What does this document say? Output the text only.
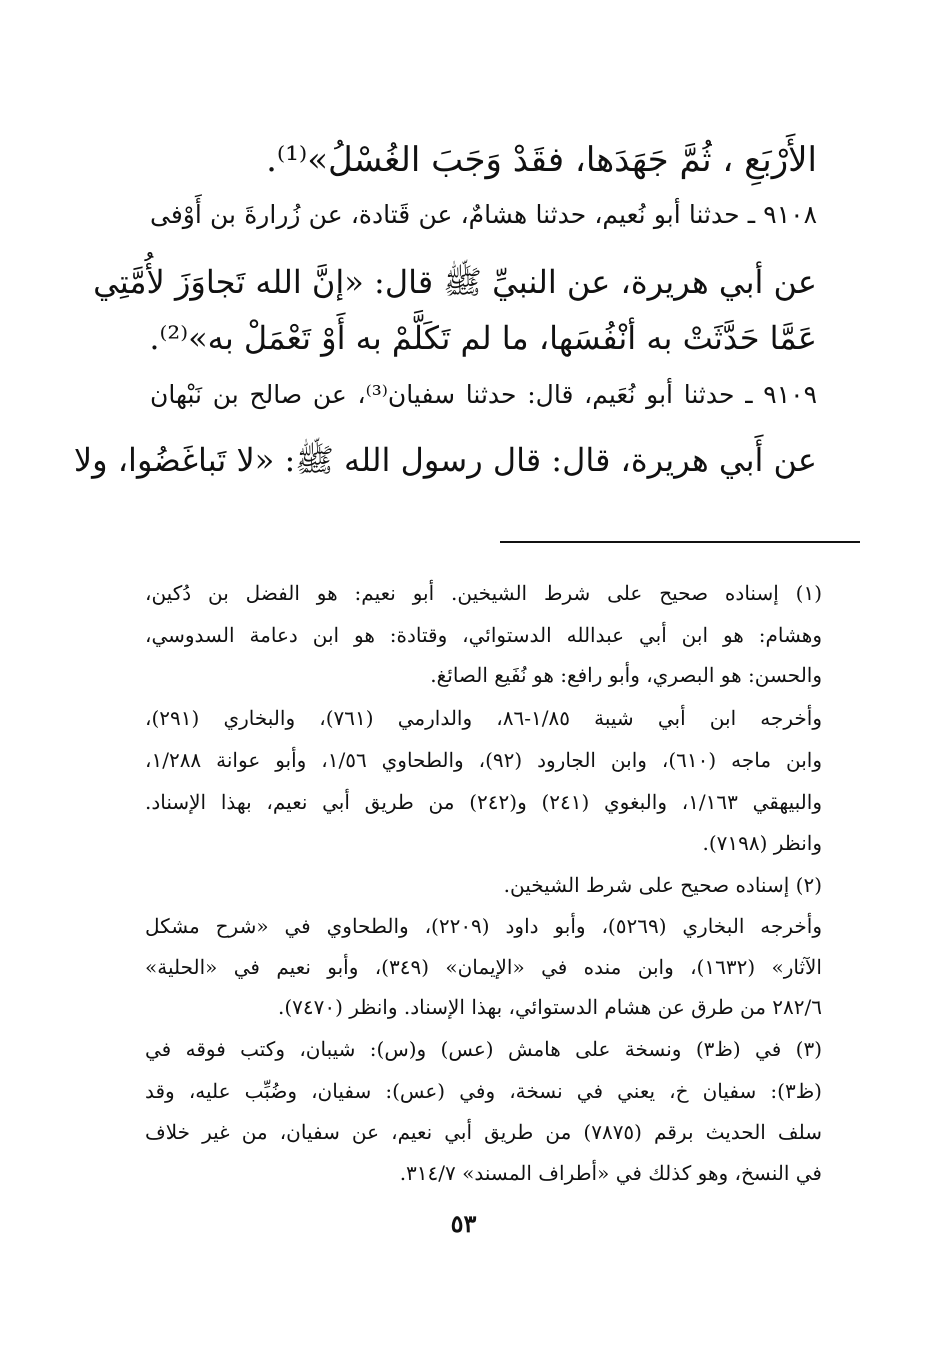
الأَرْبَعِ ، ثُمَّ جَهَدَها، فقَدْ وَجَبَ الغُسْلُ»⁽¹⁾.
٩١٠٨ ـ حدثنا أبو نُعيم، حدثنا هشامٌ، عن قَتادة، عن زُرارةَ بن أَوْفى
عن أبي هريرة، عن النبيِّ ﷺ قال: «إنَّ الله تَجاوَزَ لأُمَّتِي
عَمَّا حَدَّثَتْ به أنْفُسَها، ما لم تَكَلَّمْ به أَوْ تَعْمَلْ به»⁽²⁾.
٩١٠٩ ـ حدثنا أبو نُعَيم، قال: حدثنا سفيان⁽³⁾، عن صالح بن نَبْهان
عن أَبي هريرة، قال: قال رسول الله ﷺ: «لا تَباغَضُوا، ولا
(١) إسناده صحيح على شرط الشيخين. أبو نعيم: هو الفضل بن دُكين،
وهشام: هو ابن أبي عبدالله الدستوائي، وقتادة: هو ابن دعامة السدوسي،
والحسن: هو البصري، وأبو رافع: هو نُفَيع الصائغ.
وأخرجه ابن أبي شيبة ١/٨٥-٨٦، والدارمي (٧٦١)، والبخاري (٢٩١)،
وابن ماجه (٦١٠)، وابن الجارود (٩٢)، والطحاوي ١/٥٦، وأبو عوانة ١/٢٨٨،
والبيهقي ١/١٦٣، والبغوي (٢٤١) و(٢٤٢) من طريق أبي نعيم، بهذا الإسناد.
وانظر (٧١٩٨).
(٢) إسناده صحيح على شرط الشيخين.
وأخرجه البخاري (٥٢٦٩)، وأبو داود (٢٢٠٩)، والطحاوي في «شرح مشكل
الآثار» (١٦٣٢)، وابن منده في «الإيمان» (٣٤٩)، وأبو نعيم في «الحلية»
٢٨٢/٦ من طرق عن هشام الدستوائي، بهذا الإسناد. وانظر (٧٤٧٠).
(٣) في (ظ٣) ونسخة على هامش (عس) و(س): شيبان، وكتب فوقه في
(ظ٣): سفيان خ، يعني في نسخة، وفي (عس): سفيان، وضُبِّب عليه، وقد
سلف الحديث برقم (٧٨٧٥) من طريق أبي نعيم، عن سفيان، من غير خلاف
في النسخ، وهو كذلك في «أطراف المسند» ٣١٤/٧.
٥٣
